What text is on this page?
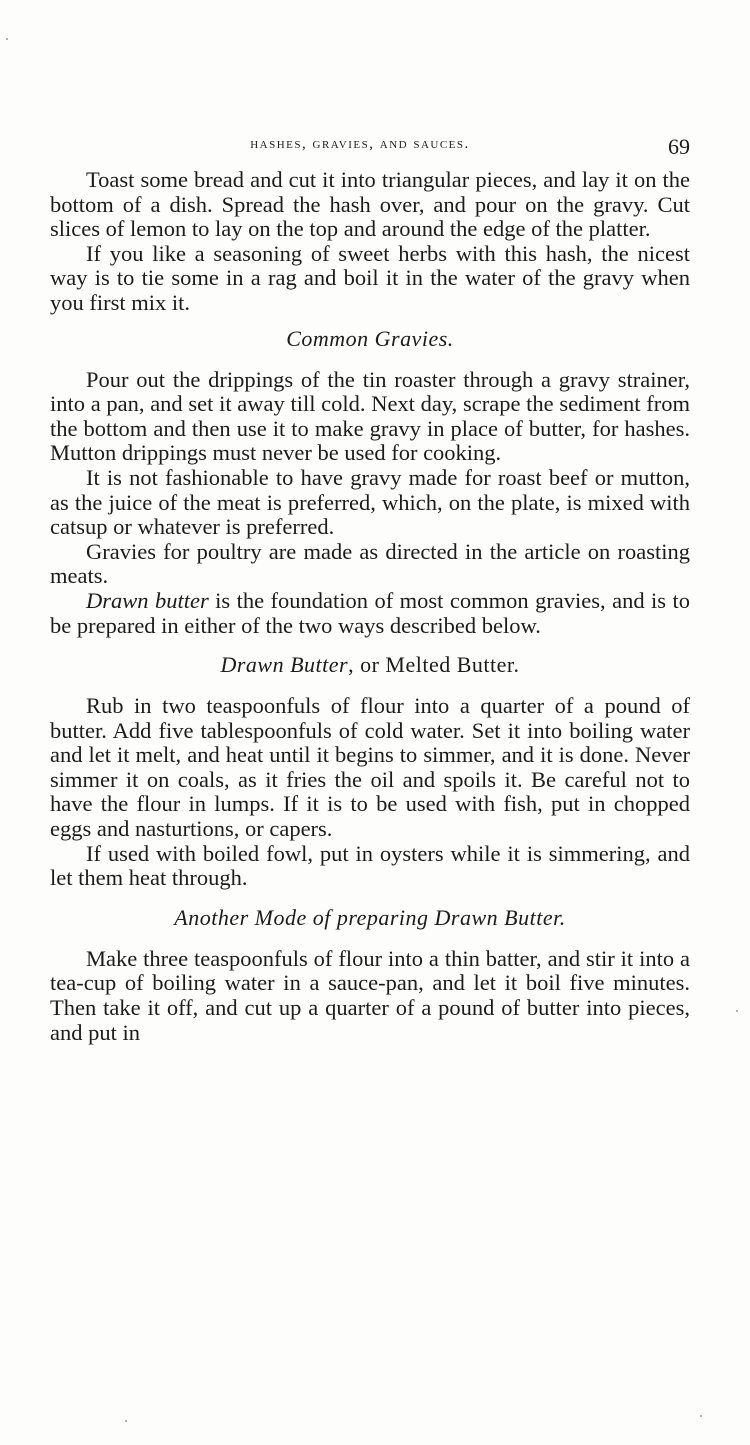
hashes, gravies, and sauces.	69

Toast some bread and cut it into triangular pieces, and lay it on the bottom of a dish. Spread the hash over, and pour on the gravy. Cut slices of lemon to lay on the top and around the edge of the platter.

If you like a seasoning of sweet herbs with this hash, the nicest way is to tie some in a rag and boil it in the water of the gravy when you first mix it.

Common Gravies.

Pour out the drippings of the tin roaster through a gravy strainer, into a pan, and set it away till cold. Next day, scrape the sediment from the bottom and then use it to make gravy in place of butter, for hashes. Mutton drippings must never be used for cooking.

It is not fashionable to have gravy made for roast beef or mutton, as the juice of the meat is preferred, which, on the plate, is mixed with catsup or whatever is preferred.

Gravies for poultry are made as directed in the article on roasting meats.

Drawn butter is the foundation of most common gravies, and is to be prepared in either of the two ways described below.

Drawn Butter, or Melted Butter.

Rub in two teaspoonfuls of flour into a quarter of a pound of butter. Add five tablespoonfuls of cold water. Set it into boiling water and let it melt, and heat until it begins to simmer, and it is done. Never simmer it on coals, as it fries the oil and spoils it. Be careful not to have the flour in lumps. If it is to be used with fish, put in chopped eggs and nasturtions, or capers.

If used with boiled fowl, put in oysters while it is simmering, and let them heat through.

Another Mode of preparing Drawn Butter.

Make three teaspoonfuls of flour into a thin batter, and stir it into a tea-cup of boiling water in a sauce-pan, and let it boil five minutes. Then take it off, and cut up a quarter of a pound of butter into pieces, and put in
